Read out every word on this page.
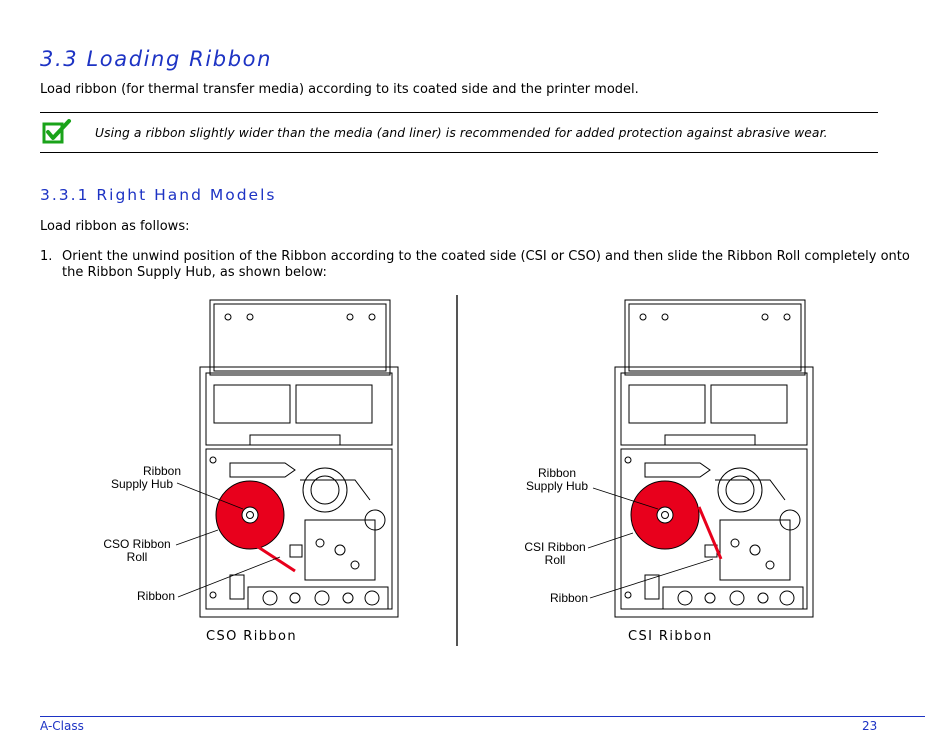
3.3 Loading Ribbon
Load ribbon (for thermal transfer media) according to its coated side and the printer model.
Using a ribbon slightly wider than the media (and liner) is recommended for added protection against abrasive wear.
3.3.1 Right Hand Models
Load ribbon as follows:
1. Orient the unwind position of the Ribbon according to the coated side (CSI or CSO) and then slide the Ribbon Roll completely onto the Ribbon Supply Hub, as shown below:
Ribbon
Supply Hub
CSO Ribbon
Roll
Ribbon
Ribbon
Supply Hub
CSI Ribbon
Roll
Ribbon
CSO Ribbon	CSI Ribbon
A-Class	23
